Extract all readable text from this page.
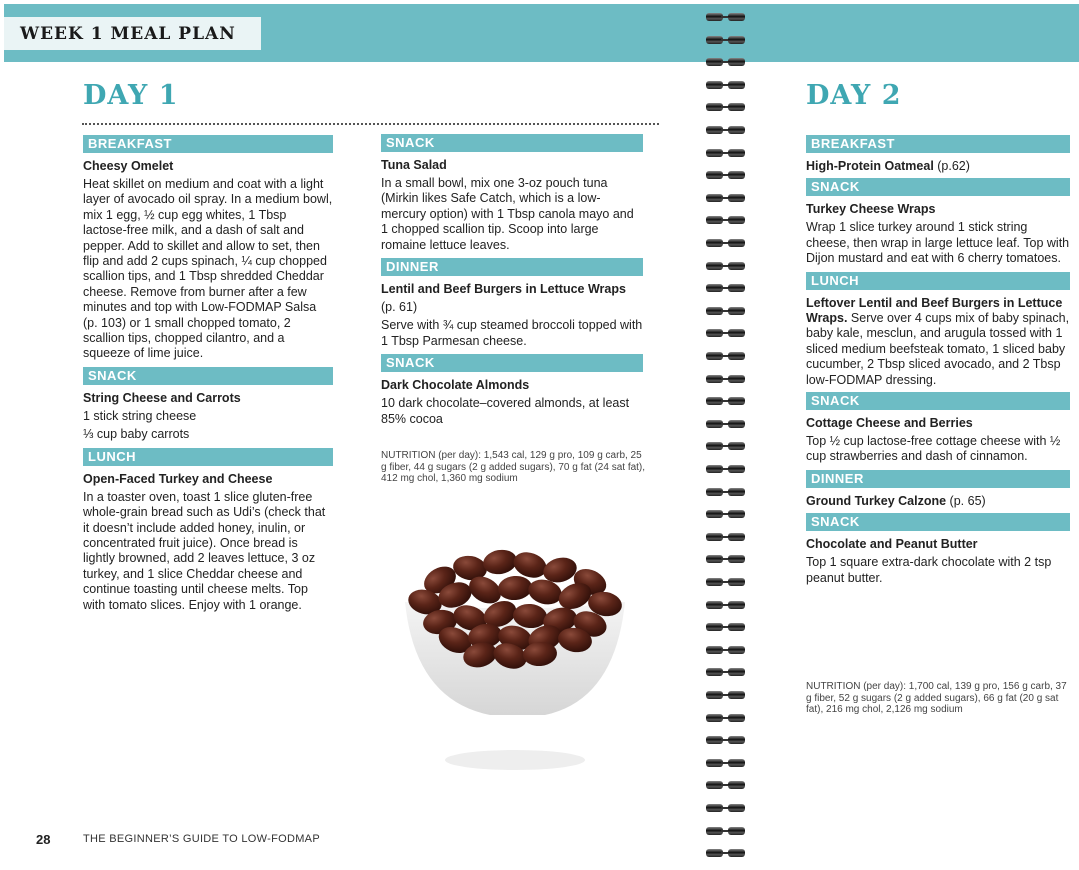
WEEK 1 MEAL PLAN
DAY 1
BREAKFAST
Cheesy Omelet
Heat skillet on medium and coat with a light layer of avocado oil spray. In a medium bowl, mix 1 egg, ½ cup egg whites, 1 Tbsp lactose-free milk, and a dash of salt and pepper. Add to skillet and allow to set, then flip and add 2 cups spinach, ¼ cup chopped scallion tips, and 1 Tbsp shredded Cheddar cheese. Remove from burner after a few minutes and top with Low-FODMAP Salsa (p. 103) or 1 small chopped tomato, 2 scallion tips, chopped cilantro, and a squeeze of lime juice.
SNACK
String Cheese and Carrots
1 stick string cheese
⅓ cup baby carrots
LUNCH
Open-Faced Turkey and Cheese
In a toaster oven, toast 1 slice gluten-free whole-grain bread such as Udi’s (check that it doesn’t include added honey, inulin, or concentrated fruit juice). Once bread is lightly browned, add 2 leaves lettuce, 3 oz turkey, and 1 slice Cheddar cheese and continue toasting until cheese melts. Top with tomato slices. Enjoy with 1 orange.
SNACK
Tuna Salad
In a small bowl, mix one 3-oz pouch tuna (Mirkin likes Safe Catch, which is a low-mercury option) with 1 Tbsp canola mayo and 1 chopped scallion tip. Scoop into large romaine lettuce leaves.
DINNER
Lentil and Beef Burgers in Lettuce Wraps
(p. 61)
Serve with ¾ cup steamed broccoli topped with 1 Tbsp Parmesan cheese.
SNACK
Dark Chocolate Almonds
10 dark chocolate–covered almonds, at least 85% cocoa
NUTRITION (per day): 1,543 cal, 129 g pro, 109 g carb, 25 g fiber, 44 g sugars (2 g added sugars), 70 g fat (24 sat fat), 412 mg chol, 1,360 mg sodium
DAY 2
BREAKFAST
High-Protein Oatmeal (p.62)
SNACK
Turkey Cheese Wraps
Wrap 1 slice turkey around 1 stick string cheese, then wrap in large lettuce leaf. Top with Dijon mustard and eat with 6 cherry tomatoes.
LUNCH
Leftover Lentil and Beef Burgers in Lettuce Wraps. Serve over 4 cups mix of baby spinach, baby kale, mesclun, and arugula tossed with 1 sliced medium beefsteak tomato, 1 sliced baby cucumber, 2 Tbsp sliced avocado, and 2 Tbsp low-FODMAP dressing.
SNACK
Cottage Cheese and Berries
Top ½ cup lactose-free cottage cheese with ½ cup strawberries and dash of cinnamon.
DINNER
Ground Turkey Calzone (p. 65)
SNACK
Chocolate and Peanut Butter
Top 1 square extra-dark chocolate with 2 tsp peanut butter.
NUTRITION (per day): 1,700 cal, 139 g pro, 156 g carb, 37 g fiber, 52 g sugars (2 g added sugars), 66 g fat (20 g sat fat), 216 mg chol, 2,126 mg sodium
28	THE BEGINNER’S GUIDE TO LOW-FODMAP
